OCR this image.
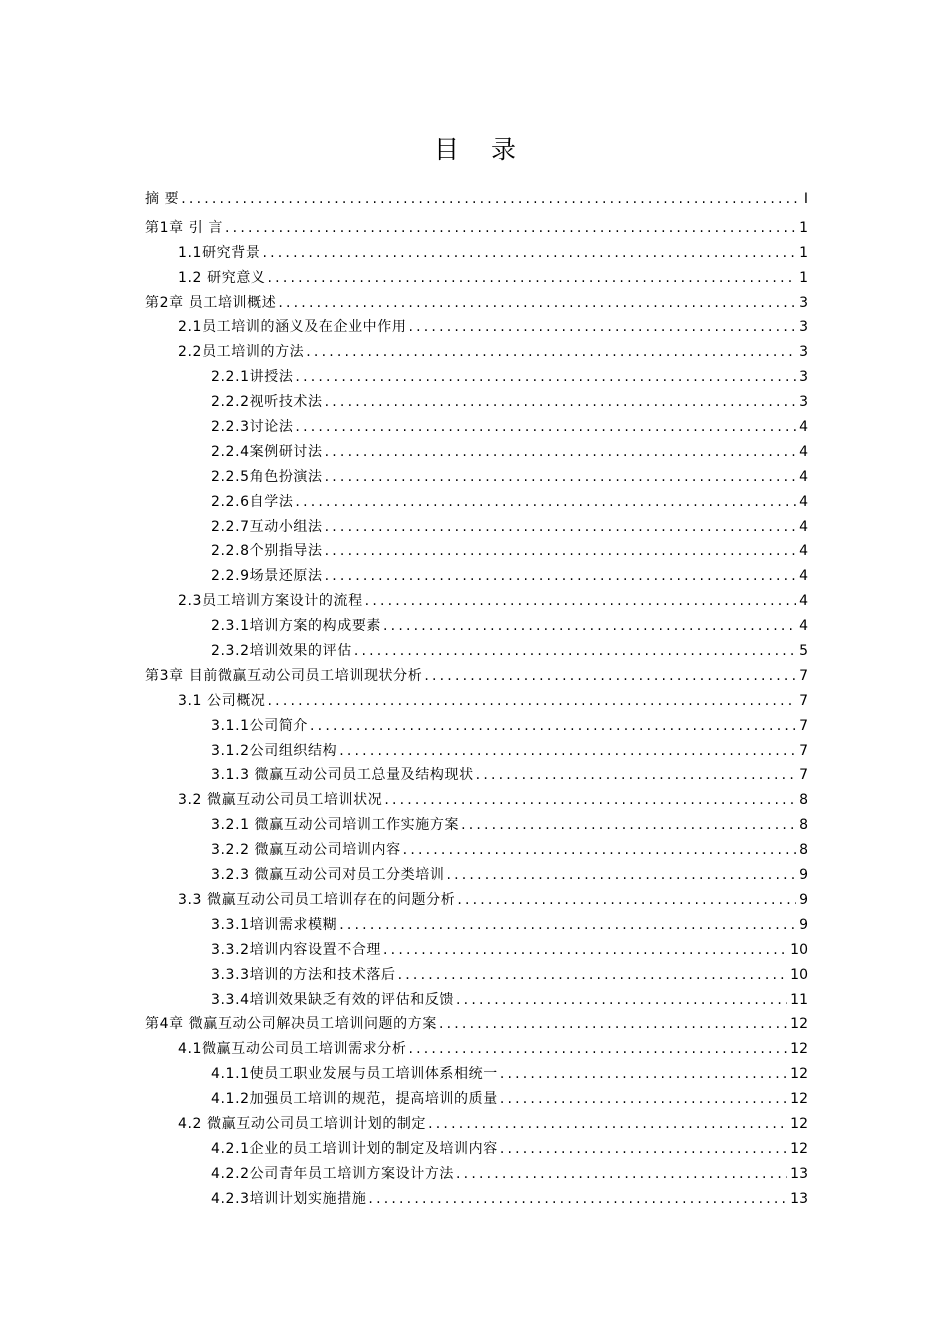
目 录
摘 要 .....	I
第1章 引 言 .....	1
1.1研究背景 .....	1
1.2 研究意义 .....	1
第2章 员工培训概述 .....	3
2.1员工培训的涵义及在企业中作用 .....	3
2.2员工培训的方法 .....	3
2.2.1讲授法 .....	3
2.2.2视听技术法 .....	3
2.2.3讨论法 .....	4
2.2.4案例研讨法 .....	4
2.2.5角色扮演法 .....	4
2.2.6自学法 .....	4
2.2.7互动小组法 .....	4
2.2.8个别指导法 .....	4
2.2.9场景还原法 .....	4
2.3员工培训方案设计的流程 .....	4
2.3.1培训方案的构成要素 .....	4
2.3.2培训效果的评估 .....	5
第3章 目前微赢互动公司员工培训现状分析 .....	7
3.1 公司概况 .....	7
3.1.1公司简介 .....	7
3.1.2公司组织结构 .....	7
3.1.3 微赢互动公司员工总量及结构现状 .....	7
3.2 微赢互动公司员工培训状况 .....	8
3.2.1 微赢互动公司培训工作实施方案 .....	8
3.2.2 微赢互动公司培训内容 .....	8
3.2.3 微赢互动公司对员工分类培训 .....	9
3.3 微赢互动公司员工培训存在的问题分析 .....	9
3.3.1培训需求模糊 .....	9
3.3.2培训内容设置不合理 .....	10
3.3.3培训的方法和技术落后 .....	10
3.3.4培训效果缺乏有效的评估和反馈 .....	11
第4章 微赢互动公司解决员工培训问题的方案 .....	12
4.1微赢互动公司员工培训需求分析 .....	12
4.1.1使员工职业发展与员工培训体系相统一 .....	12
4.1.2加强员工培训的规范，提高培训的质量 .....	12
4.2 微赢互动公司员工培训计划的制定 .....	12
4.2.1企业的员工培训计划的制定及培训内容 .....	12
4.2.2公司青年员工培训方案设计方法 .....	13
4.2.3培训计划实施措施 .....	13
